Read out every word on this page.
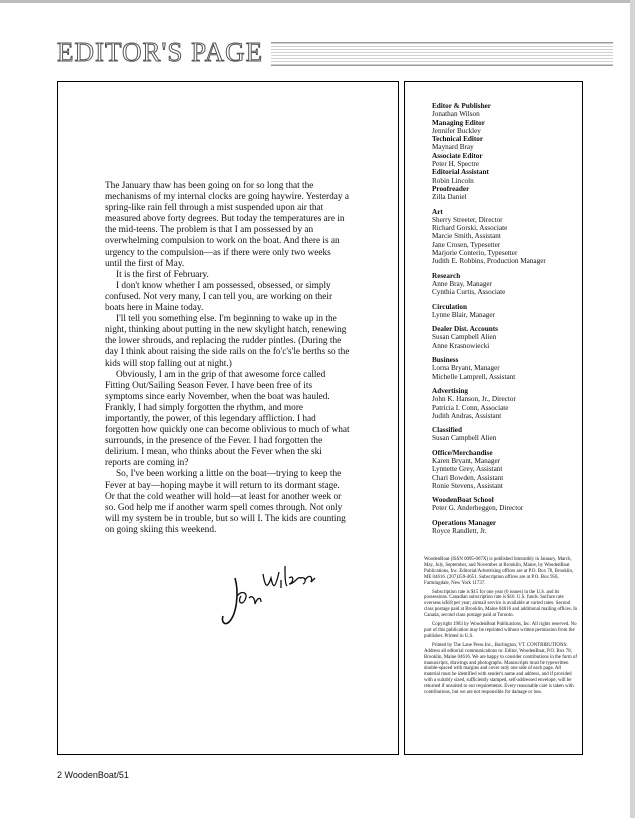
EDITOR'S PAGE

The January thaw has been going on for so long that the mechanisms of my internal clocks are going haywire. Yesterday a spring-like rain fell through a mist suspended upon air that measured above forty degrees. But today the temperatures are in the mid-teens. The problem is that I am possessed by an overwhelming compulsion to work on the boat. And there is an urgency to the compulsion—as if there were only two weeks until the first of May.

It is the first of February.

I don't know whether I am possessed, obsessed, or simply confused. Not very many, I can tell you, are working on their boats here in Maine today.

I'll tell you something else. I'm beginning to wake up in the night, thinking about putting in the new skylight hatch, renewing the lower shrouds, and replacing the rudder pintles. (During the day I think about raising the side rails on the fo'c's'le berths so the kids will stop falling out at night.)

Obviously, I am in the grip of that awesome force called Fitting Out/Sailing Season Fever. I have been free of its symptoms since early November, when the boat was hauled. Frankly, I had simply forgotten the rhythm, and more importantly, the power, of this legendary affliction. I had forgotten how quickly one can become oblivious to much of what surrounds, in the presence of the Fever. I had forgotten the delirium. I mean, who thinks about the Fever when the ski reports are coming in?

So, I've been working a little on the boat—trying to keep the Fever at bay—hoping maybe it will return to its dormant stage. Or that the cold weather will hold—at least for another week or so. God help me if another warm spell comes through. Not only will my system be in trouble, but so will I. The kids are counting on going skiing this weekend.

Editor & Publisher
Jonathan Wilson
Managing Editor
Jennifer Buckley
Technical Editor
Maynard Bray
Associate Editor
Peter H. Spectre
Editorial Assistant
Robin Lincoln
Proofreader
Zilla Daniel
Art
Sherry Streeter, Director
Richard Gorski, Associate
Marcie Smith, Assistant
Jane Crosen, Typesetter
Marjorie Conterio, Typesetter
Judith E. Robbins, Production Manager
Research
Anne Bray, Manager
Cynthia Curtis, Associate
Circulation
Lynne Blair, Manager
Dealer Dist. Accounts
Susan Campbell Alien
Anne Krasnowiecki
Business
Lorna Bryant, Manager
Michelle Lamprell, Assistant
Advertising
John K. Hanson, Jr., Director
Patricia I. Conn, Associate
Judith Andras, Assistant
Classified
Susan Campbell Alien
Office/Merchandise
Karen Bryant, Manager
Lynnette Grey, Assistant
Chari Bowden, Assistant
Ronie Stevens, Assistant
WoodenBoat School
Peter G. Anderheggen, Director
Operations Manager
Royce Randlett, Jr.

WoodenBoat (ISSN 0095-067X) is published bimonthly in January, March, May, July, September, and November at Brooklin, Maine, by WoodenBoat Publications, Inc. Editorial/Advertising offices are at P.O. Box 78, Brooklin, ME 04616. (207)359-4651. Subscription offices are at P.O. Box 956, Farmingdale, New York 11737.

Subscription rate is $15 for one year (6 issues) in the U.S. and its possessions. Canadian subscription rate is $16. U.S. funds. Surface rate overseas is$18 per year; airmail service is available at varied rates. Second class postage paid at Brooklin, Maine 04616 and additional mailing offices. In Canada, second class postage paid at Toronto.

Copyright 1983 by WoodenBoat Publications, Inc. All rights reserved. No part of this publication may be reprinted without written permission from the publisher. Printed in U.S.

Printed by The Lane Press Inc., Burlington, VT. CONTRIBUTIONS: Address all editorial communications to: Editor, WoodenBoat, P.O. Box 78, Brooklin, Maine 04616. We are happy to consider contributions in the form of manuscripts, drawings and photographs. Manuscripts must be typewritten double-spaced with margins and cover only one side of each page. All material must be identified with sender's name and address, and if provided with a suitably sized, sufficiently stamped, self-addressed envelope, will be returned if unsuited to our requirements. Every reasonable care is taken with contributions, but we are not responsible for damage or loss.

2 WoodenBoat/51
